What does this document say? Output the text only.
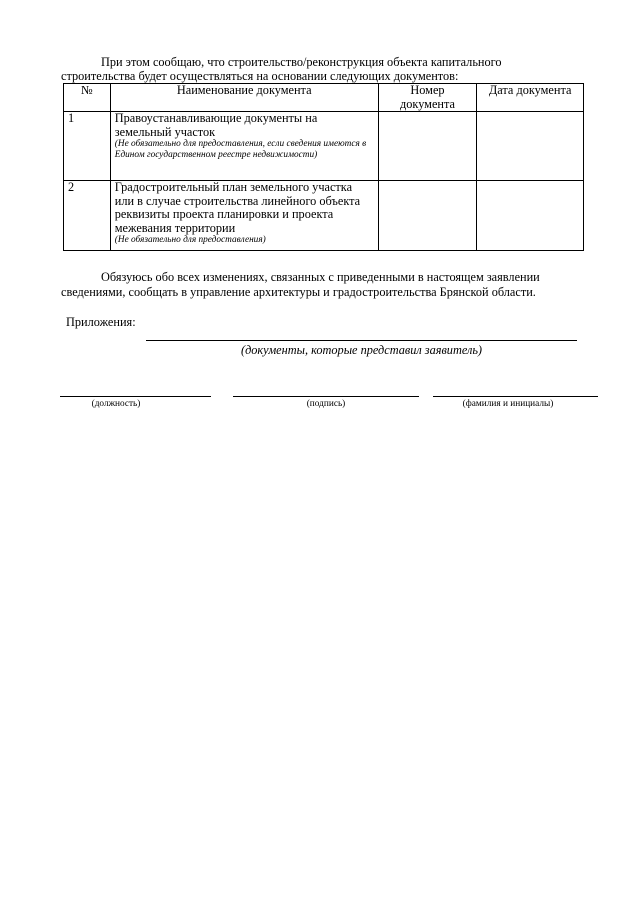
При этом сообщаю, что строительство/реконструкция объекта капитального
строительства будет осуществляться на основании следующих документов:
№	Наименование документа	Номер документа	Дата документа
1	Правоустанавливающие документы на земельный участок
(Не обязательно для предоставления, если сведения имеются в Едином государственном реестре недвижимости)		

2	Градостроительный план земельного участка или в случае строительства линейного объекта реквизиты проекта планировки и проекта межевания территории
(Не обязательно для предоставления)		

Обязуюсь обо всех изменениях, связанных с приведенными в настоящем заявлении
сведениями, сообщать в управление архитектуры и градостроительства Брянской области.
Приложения:
(документы, которые представил заявитель)
(должность)	(подпись)	(фамилия и инициалы)
